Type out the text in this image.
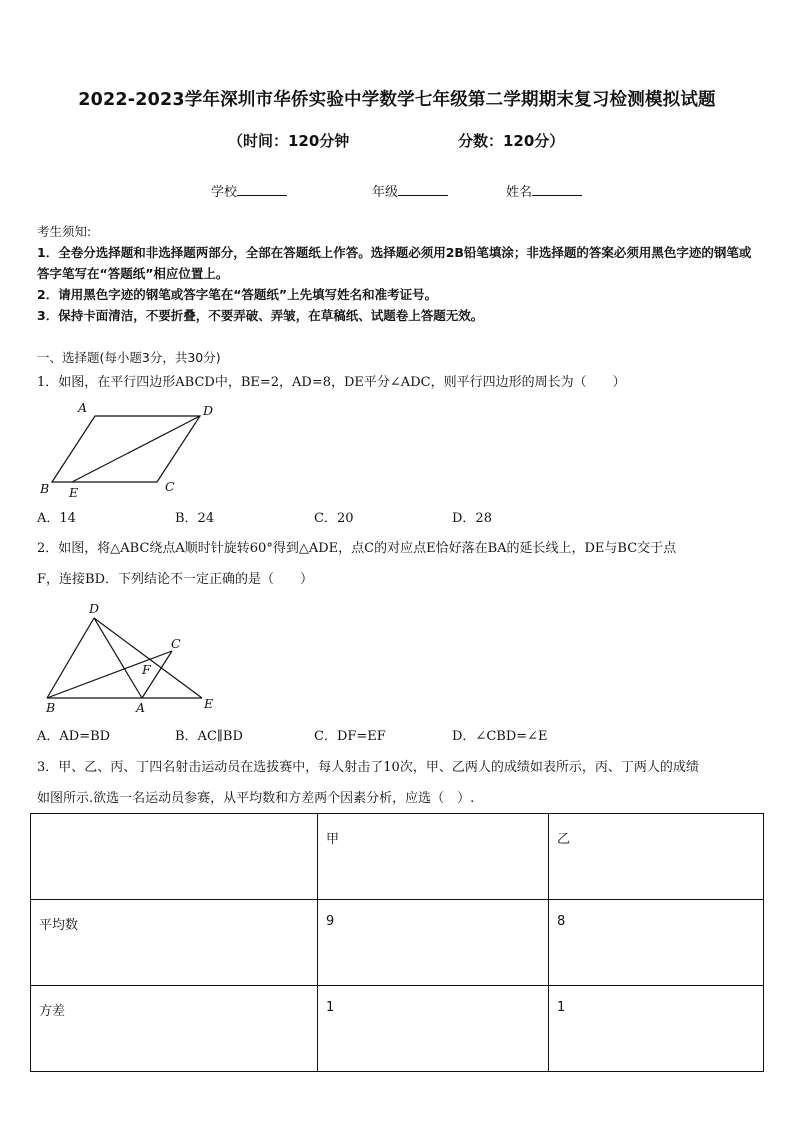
2022-2023学年深圳市华侨实验中学数学七年级第二学期期末复习检测模拟试题
（时间：120分钟	分数：120分）
学校	年级	姓名

考生须知:

1．全卷分选择题和非选择题两部分，全部在答题纸上作答。选择题必须用2B铅笔填涂；非选择题的答案必须用黑色字迹的钢笔或答字笔写在“答题纸”相应位置上。

2．请用黑色字迹的钢笔或答字笔在“答题纸”上先填写姓名和准考证号。

3．保持卡面清洁，不要折叠，不要弄破、弄皱，在草稿纸、试题卷上答题无效。

一、选择题(每小题3分，共30分)
1．如图，在平行四边形ABCD中，BE=2，AD=8，DE平分∠ADC，则平行四边形的周长为（　　）
A	D
B E	C
A．14	B．24	C．20	D．28
2．如图，将△ABC绕点A顺时针旋转60°得到△ADE，点C的对应点E恰好落在BA的延长线上，DE与BC交于点
F，连接BD．下列结论不一定正确的是（　　）
D
C
F
B	A	E
A．AD=BD	B．AC∥BD	C．DF=EF	D．∠CBD=∠E
3．甲、乙、丙、丁四名射击运动员在选拔赛中，每人射击了10次，甲、乙两人的成绩如表所示，丙、丁两人的成绩
如图所示.欲选一名运动员参赛，从平均数和方差两个因素分析，应选（　）.
	甲	乙
平均数	9	8
方差	1	1
